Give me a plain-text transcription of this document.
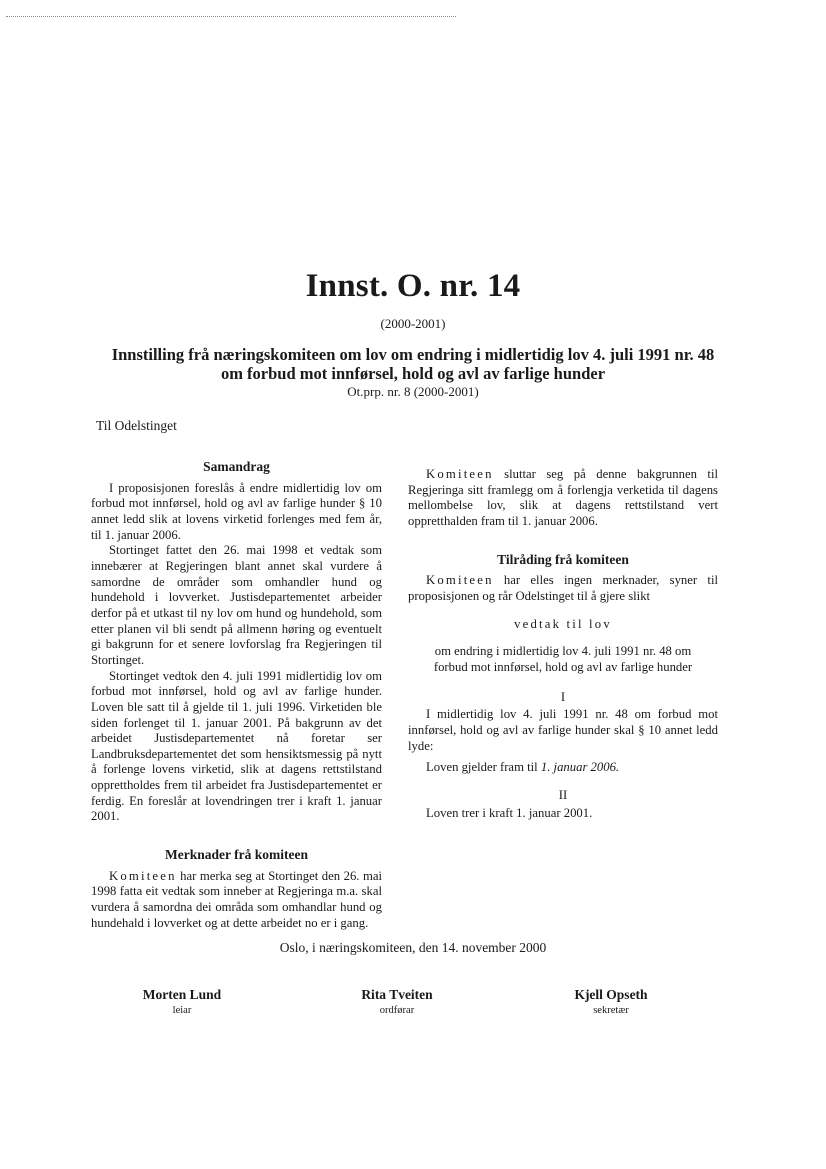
Innst. O. nr. 14
(2000-2001)
Innstilling frå næringskomiteen om lov om endring i midlertidig lov 4. juli 1991 nr. 48
om forbud mot innførsel, hold og avl av farlige hunder
Ot.prp. nr. 8 (2000-2001)
Til Odelstinget
Samandrag

I proposisjonen foreslås å endre midlertidig lov om forbud mot innførsel, hold og avl av farlige hunder § 10 annet ledd slik at lovens virketid forlenges med fem år, til 1. januar 2006.

Stortinget fattet den 26. mai 1998 et vedtak som innebærer at Regjeringen blant annet skal vurdere å samordne de områder som omhandler hund og hundehold i lovverket. Justisdepartementet arbeider derfor på et utkast til ny lov om hund og hundehold, som etter planen vil bli sendt på allmenn høring og eventuelt gi bakgrunn for et senere lovforslag fra Regjeringen til Stortinget.

Stortinget vedtok den 4. juli 1991 midlertidig lov om forbud mot innførsel, hold og avl av farlige hunder. Loven ble satt til å gjelde til 1. juli 1996. Virketiden ble siden forlenget til 1. januar 2001. På bakgrunn av det arbeidet Justisdepartementet nå foretar ser Landbruksdepartementet det som hensiktsmessig på nytt å forlenge lovens virketid, slik at dagens rettstilstand opprettholdes frem til arbeidet fra Justisdepartementet er ferdig. En foreslår at lovendringen trer i kraft 1. januar 2001.

Merknader frå komiteen

Komiteen har merka seg at Stortinget den 26. mai 1998 fatta eit vedtak som inneber at Regjeringa m.a. skal vurdera å samordna dei områda som omhandlar hund og hundehald i lovverket og at dette arbeidet no er i gang.

Komiteen sluttar seg på denne bakgrunnen til Regjeringa sitt framlegg om å forlengja verketida til dagens mellombelse lov, slik at dagens rettstilstand vert oppretthalden fram til 1. januar 2006.

Tilråding frå komiteen

Komiteen har elles ingen merknader, syner til proposisjonen og rår Odelstinget til å gjere slikt

vedtak til lov

om endring i midlertidig lov 4. juli 1991 nr. 48 om forbud mot innførsel, hold og avl av farlige hunder

I

I midlertidig lov 4. juli 1991 nr. 48 om forbud mot innførsel, hold og avl av farlige hunder skal § 10 annet ledd lyde:

Loven gjelder fram til 1. januar 2006.

II

Loven trer i kraft 1. januar 2001.

Oslo, i næringskomiteen, den 14. november 2000
Morten Lund
leiar
Rita Tveiten
ordførar
Kjell Opseth
sekretær
